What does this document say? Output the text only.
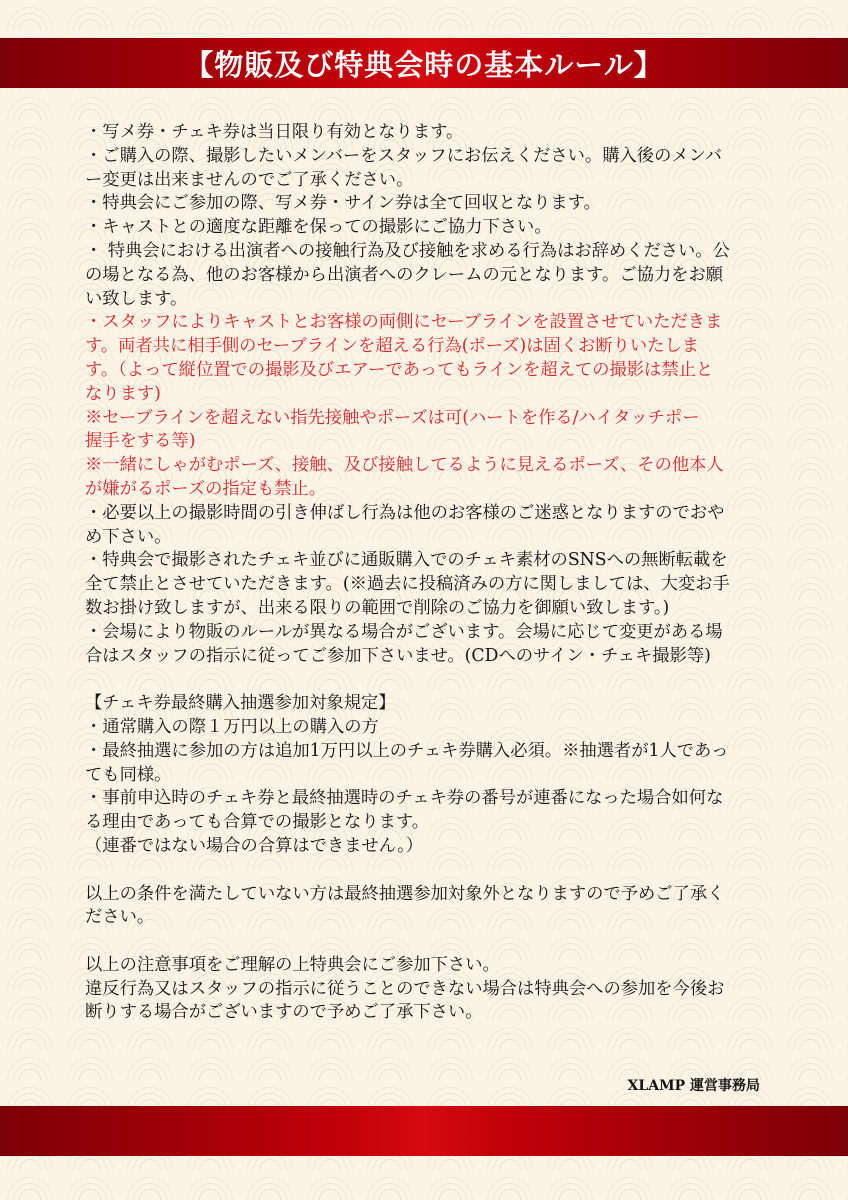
【物販及び特典会時の基本ルール】
・写メ券・チェキ券は当日限り有効となります。
・ご購入の際、撮影したいメンバーをスタッフにお伝えください。購入後のメンバ
ー変更は出来ませんのでご了承ください。
・特典会にご参加の際、写メ券・サイン券は全て回収となります。
・キャストとの適度な距離を保っての撮影にご協力下さい。
・ 特典会における出演者への接触行為及び接触を求める行為はお辞めください。公
の場となる為、他のお客様から出演者へのクレームの元となります。ご協力をお願
い致します。
・スタッフによりキャストとお客様の両側にセーブラインを設置させていただきま
す。両者共に相手側のセーブラインを超える行為(ポーズ)は固くお断りいたしま
す。（よって縦位置での撮影及びエアーであってもラインを超えての撮影は禁止と
なります)
※セーブラインを超えない指先接触やポーズは可(ハートを作る/ハイタッチポー
握手をする等)
※一緒にしゃがむポーズ、接触、及び接触してるように見えるポーズ、その他本人
が嫌がるポーズの指定も禁止。
・必要以上の撮影時間の引き伸ばし行為は他のお客様のご迷惑となりますのでおや
め下さい。
・特典会で撮影されたチェキ並びに通販購入でのチェキ素材のSNSへの無断転載を
全て禁止とさせていただきます。(※過去に投稿済みの方に関しましては、大変お手
数お掛け致しますが、出来る限りの範囲で削除のご協力を御願い致します。)
・会場により物販のルールが異なる場合がございます。会場に応じて変更がある場
合はスタッフの指示に従ってご参加下さいませ。(CDへのサイン・チェキ撮影等)
【チェキ券最終購入抽選参加対象規定】
・通常購入の際１万円以上の購入の方
・最終抽選に参加の方は追加1万円以上のチェキ券購入必須。※抽選者が1人であっ
ても同様。
・事前申込時のチェキ券と最終抽選時のチェキ券の番号が連番になった場合如何な
る理由であっても合算での撮影となります。
（連番ではない場合の合算はできません。）
以上の条件を満たしていない方は最終抽選参加対象外となりますので予めご了承く
ださい。
以上の注意事項をご理解の上特典会にご参加下さい。
違反行為又はスタッフの指示に従うことのできない場合は特典会への参加を今後お
断りする場合がございますので予めご了承下さい。
XLAMP 運営事務局
